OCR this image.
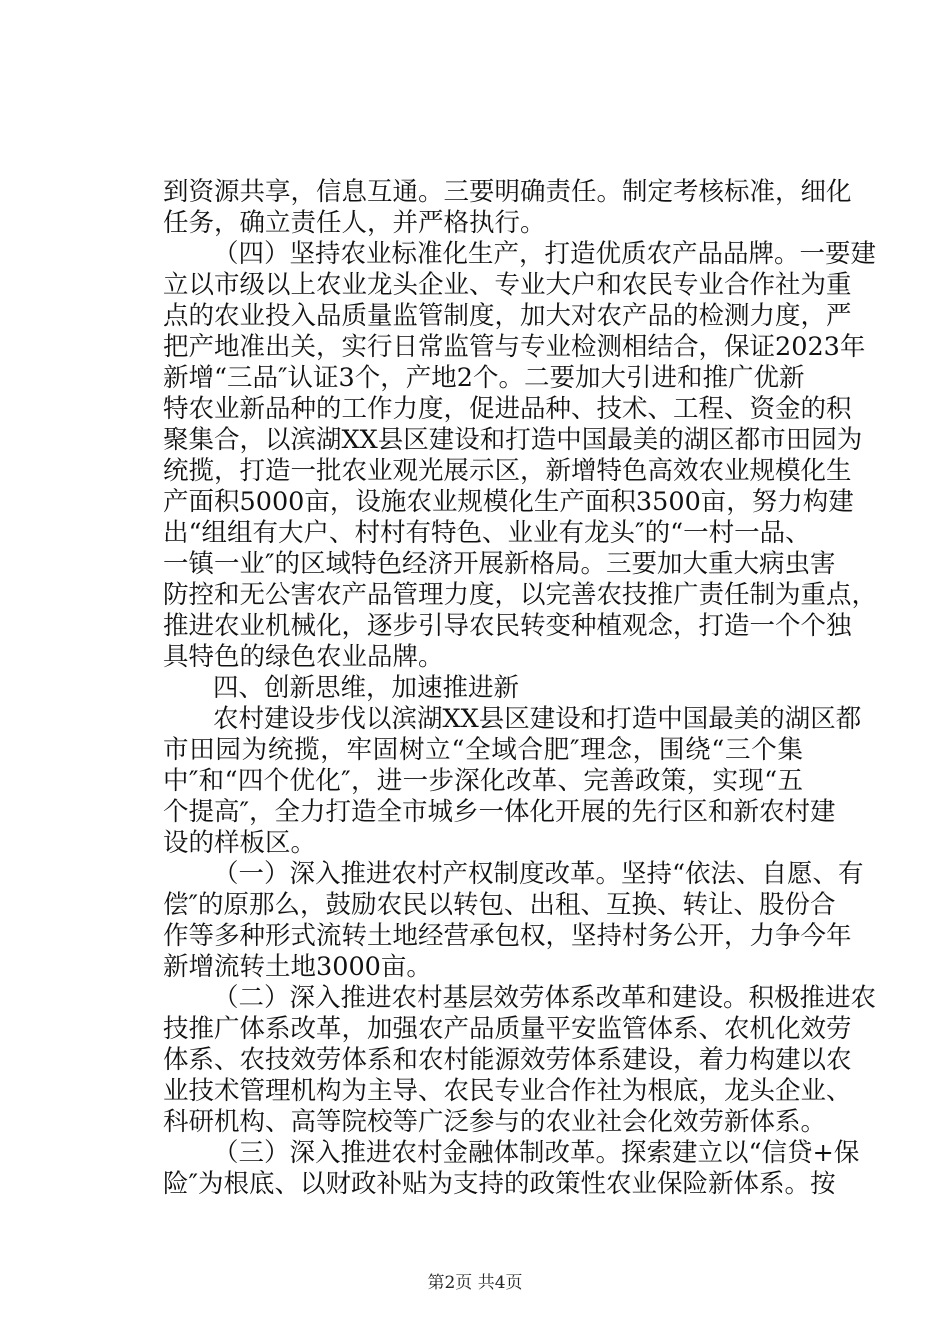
到资源共享，信息互通。三要明确责任。制定考核标准，细化
任务，确立责任人，并严格执行。
（四）坚持农业标准化生产，打造优质农产品品牌。一要建
立以市级以上农业龙头企业、专业大户和农民专业合作社为重
点的农业投入品质量监管制度，加大对农产品的检测力度，严
把产地准出关，实行日常监管与专业检测相结合，保证2023年
新增“三品″认证3个，产地2个。二要加大引进和推广优新
特农业新品种的工作力度，促进品种、技术、工程、资金的积
聚集合，以滨湖XX县区建设和打造中国最美的湖区都市田园为
统揽，打造一批农业观光展示区，新增特色高效农业规模化生
产面积5000亩，设施农业规模化生产面积3500亩，努力构建
出“组组有大户、村村有特色、业业有龙头″的“一村一品、
一镇一业″的区域特色经济开展新格局。三要加大重大病虫害
防控和无公害农产品管理力度，以完善农技推广责任制为重点，
推进农业机械化，逐步引导农民转变种植观念，打造一个个独
具特色的绿色农业品牌。
四、创新思维，加速推进新
农村建设步伐以滨湖XX县区建设和打造中国最美的湖区都
市田园为统揽，牢固树立“全域合肥″理念，围绕“三个集
中″和“四个优化″，进一步深化改革、完善政策，实现“五
个提高″，全力打造全市城乡一体化开展的先行区和新农村建
设的样板区。
（一）深入推进农村产权制度改革。坚持“依法、自愿、有
偿″的原那么，鼓励农民以转包、出租、互换、转让、股份合
作等多种形式流转土地经营承包权，坚持村务公开，力争今年
新增流转土地3000亩。
（二）深入推进农村基层效劳体系改革和建设。积极推进农
技推广体系改革，加强农产品质量平安监管体系、农机化效劳
体系、农技效劳体系和农村能源效劳体系建设，着力构建以农
业技术管理机构为主导、农民专业合作社为根底，龙头企业、
科研机构、高等院校等广泛参与的农业社会化效劳新体系。
（三）深入推进农村金融体制改革。探索建立以“信贷+保
险″为根底、以财政补贴为支持的政策性农业保险新体系。按
第2页 共4页
